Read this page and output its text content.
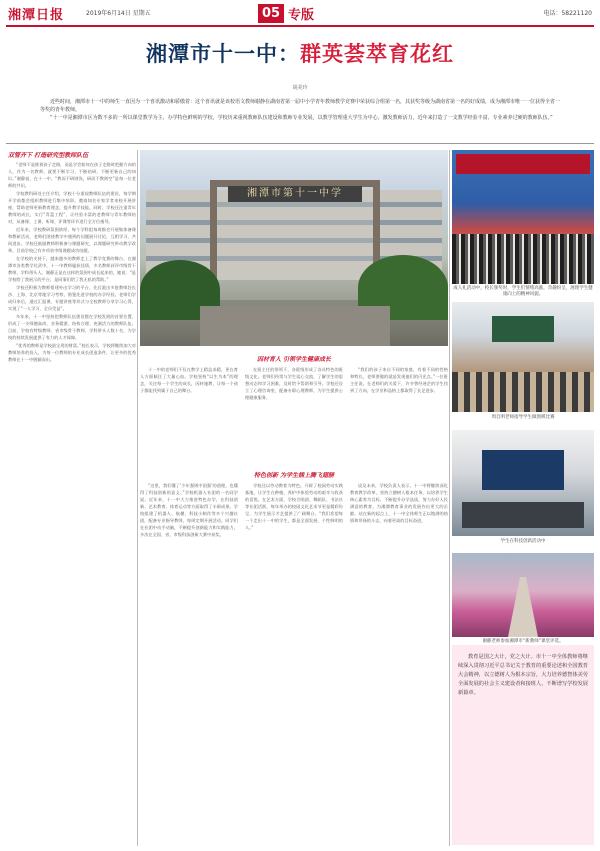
湘潭日报	2019年6月14日 星期五	05 专版	电话：58221120
湘潭市十一中：群英荟萃育花红
胡美玲

近些时间，湘潭市十一中的师生一直因为一个喜讯激动和骄傲着：这个喜讯就是该校语文教师谢静在湖南省第一届中小学青年教师教学竞赛中荣获综合组第一名，其获奖等级为湖南省第一名的好成绩，成为湘潭市唯一一位获得全省一等奖的青年教师。

“十一中是湘潭市区为数不多的一所以课堂教学为主、办学特色鲜明的学校，学校历来重视教师队伍建设和教师专业发展，以教学管理重大学生为中心，激发教师活力，近年来打造了一支教学经验丰富、专业素养过硬的教师队伍。”

双管齐下 打造研究型教师队伍

“老师不是推着孩子走路，而是学会如何在孩子走路时把握方向的人，作为一名教师，就要不断学习，不断钻研，不断更新自己的知识。”谢静说，在十一中，“教而不研则浅，研而不教则空”是每一位老师的共识。

学校教科研处主任介绍，学校十分重视教师队伍的建设，每学期开学前都会组织教师进行集中培训，邀请知名专家学者来校开展讲座，帮助老师更新教育理念，提升教学技能。同时，学校还注重青年教师的成长，实行“青蓝工程”，让经验丰富的老教师与青年教师结对，从备课、上课、听课、评课等环节进行全方位指导。

近年来，学校教研氛围浓厚，每个学科组每周都会开展集体备课和教研活动，老师们围绕教学中遇到的问题展开讨论，互相学习，共同进步。学校还鼓励教师积极参与课题研究，以课题研究带动教学改革，目前学校已有多项省市级课题成功结题。

在学校的支持下，越来越多的教师走上了教学竞赛的舞台。在湘潭市各类教学比武中，十一中教师屡获佳绩，多名教师获评市级骨干教师、学科带头人。谢静正是在这样的氛围中成长起来的，她说：“是学校给了我展示的平台，是同事们给了我无私的帮助。”

学校还积极为教师搭建外出学习的平台，先后派出多批教师赴长沙、上海、北京等地学习考察，借鉴先进学校的办学经验。老师们学成归来后，通过汇报课、专题讲座等形式与全校教师分享学习心得，实现了“一人学习，全员受益”。

多年来，十一中坚持把教师队伍建设摆在学校发展的首要位置，形成了一支师德高尚、业务精湛、结构合理、充满活力的教师队伍。目前，学校有特级教师、省市级骨干教师、学科带头人数十名，为学校的持续发展提供了有力的人才保障。

“优秀的教师是学校最宝贵的财富。”校长表示，学校将继续加大对教师培养的投入，为每一位教师的专业成长创造条件，让更多的优秀教师在十一中脱颖而出。

湘潭市第十一中学
成人礼活动中，校长颁奖时，学生们情绪高涨，奇趣纷呈，展现学生健康向上的精神风貌。
周自明老师指导学生做围棋比赛
学生在科技创新活动中
谢静老师参加湘潭市“新教师”课堂评选。
因材育人 引领学生健康成长

十一中的老师们不仅在教学上精益求精，更在育人方面倾注了大量心血。学校坚持“以生为本”的理念，关注每一个学生的成长，因材施教，让每一个孩子都能找到属于自己的舞台。

在班主任的带领下，各班级形成了各具特色的班级文化。老师们经常与学生谈心交流，了解学生的思想动态和学习困难，及时给予帮助和引导。学校还设立了心理咨询室，配备专职心理教师，为学生提供心理健康服务。

“我们的孩子来自不同的家庭，有着不同的性格和特长，老师要做的就是发现他们的闪光点。”一位班主任说。在老师们的关爱下，许多曾经迷茫的学生找到了方向，在学业和品格上都取得了长足进步。

特色创新 为学生插上腾飞翅膀

“这里，我们懂了‘少年强则中国强’的道理，也懂得了科技创新的意义。”学校机器人社团的一名同学说。近年来，十一中大力推进特色办学，在科技创新、艺术教育、体育运动等方面取得了丰硕成果。学校组建了机器人、航模、科技小制作等多个兴趣社团，配备专业指导教师，每周定期开展活动。同学们在社团中动手动脑，不断提升创新能力和实践能力，多次在全国、省、市级科技创新大赛中获奖。

学校还以劳动教育为特色，开辟了校园劳动实践基地，让学生在种植、养护中体验劳动的艰辛与收获的喜悦。在艺术方面，学校合唱团、舞蹈队、书法社等社团活跃，每年举办的校园文化艺术节更是精彩纷呈，为学生展示才艺提供了广阔舞台。“我们希望每一个走出十一中的学生，都是全面发展、个性鲜明的人。”

谈及未来，学校负责人表示，十一中将继续深化教育教学改革，坚持立德树人根本任务，以培养学生核心素养为目标，不断提升办学品质，努力办好人民满意的教育，为湘潭教育事业的发展作出更大的贡献。站在新的起点上，十一中全体师生正以饱满的热情和昂扬的斗志，向着更高的目标奋进。

教育是国之大计，党之大计。市十一中全体教师将继续深入贯彻习近平总书记关于教育的重要论述和全国教育大会精神，以立德树人为根本宗旨，大力培养德智体美劳全面发展的社会主义建设者和接班人，不断谱写学校发展新篇章。
